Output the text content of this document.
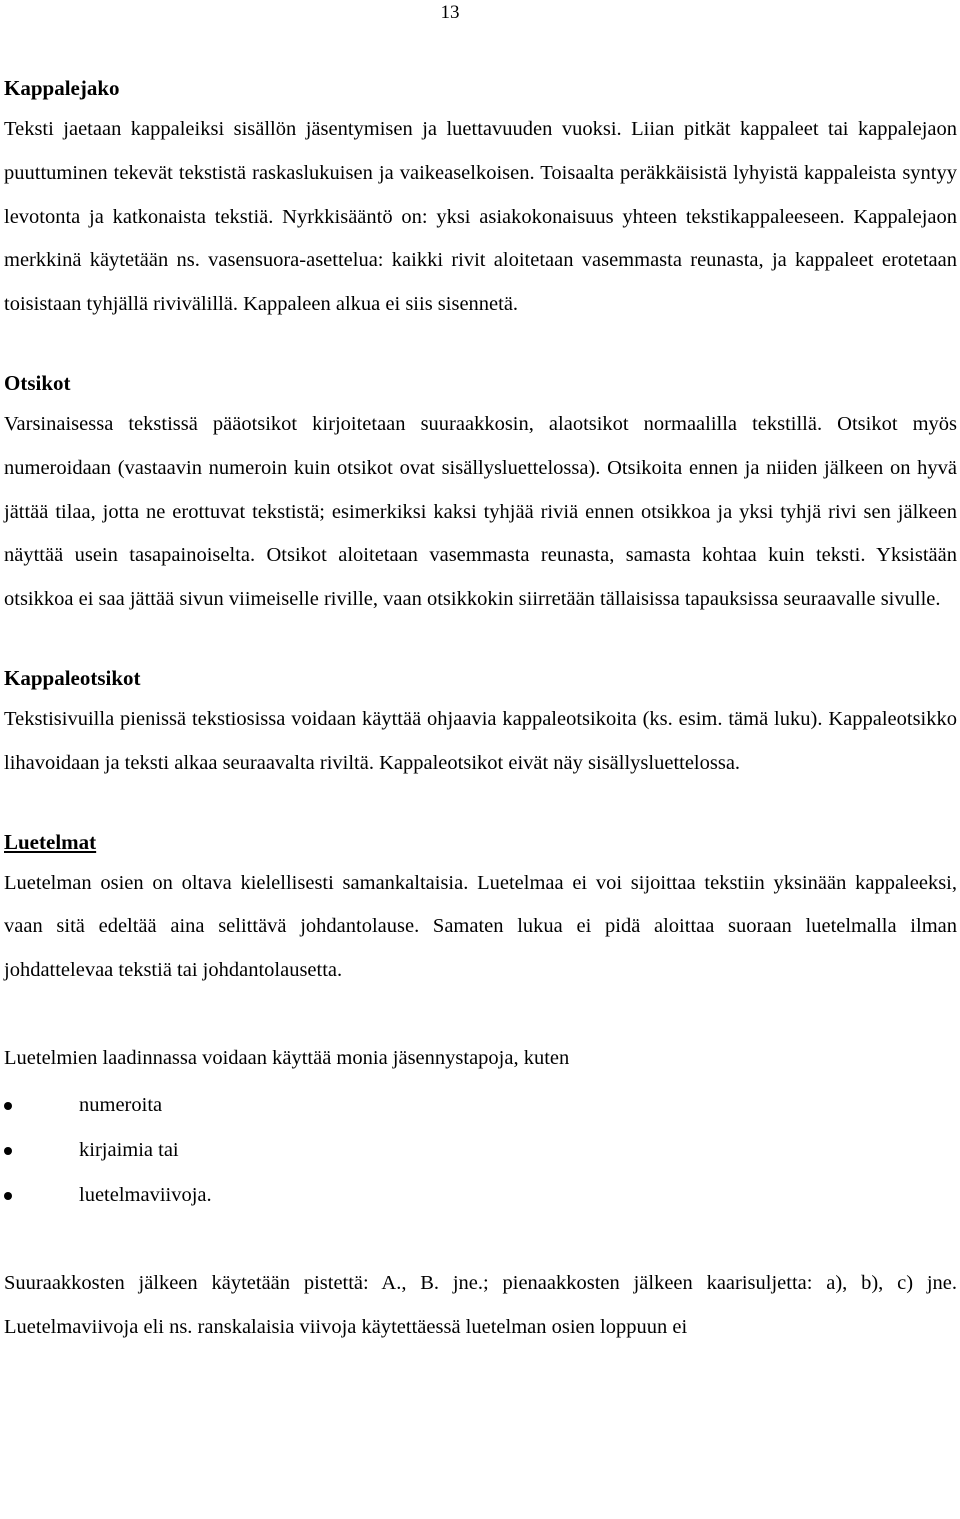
13
Kappalejako

Teksti jaetaan kappaleiksi sisällön jäsentymisen ja luettavuuden vuoksi. Liian pitkät kappaleet tai kappalejaon puuttuminen tekevät tekstistä raskaslukuisen ja vaikeaselkoisen. Toisaalta peräkkäisistä lyhyistä kappaleista syntyy levotonta ja katkonaista tekstiä. Nyrkkisääntö on: yksi asiakokonaisuus yhteen tekstikappaleeseen. Kappalejaon merkkinä käytetään ns. vasensuora-asettelua: kaikki rivit aloitetaan vasemmasta reunasta, ja kappaleet erotetaan toisistaan tyhjällä rivivälillä. Kappaleen alkua ei siis sisennetä.

Otsikot

Varsinaisessa tekstissä pääotsikot kirjoitetaan suuraakkosin, alaotsikot normaalilla tekstillä. Otsikot myös numeroidaan (vastaavin numeroin kuin otsikot ovat sisällysluettelossa). Otsikoita ennen ja niiden jälkeen on hyvä jättää tilaa, jotta ne erottuvat tekstistä; esimerkiksi kaksi tyhjää riviä ennen otsikkoa ja yksi tyhjä rivi sen jälkeen näyttää usein tasapainoiselta. Otsikot aloitetaan vasemmasta reunasta, samasta kohtaa kuin teksti. Yksistään otsikkoa ei saa jättää sivun viimeiselle riville, vaan otsikkokin siirretään tällaisissa tapauksissa seuraavalle sivulle.

Kappaleotsikot

Tekstisivuilla pienissä tekstiosissa voidaan käyttää ohjaavia kappaleotsikoita (ks. esim. tämä luku). Kappaleotsikko lihavoidaan ja teksti alkaa seuraavalta riviltä. Kappaleotsikot eivät näy sisällysluettelossa.

Luetelmat

Luetelman osien on oltava kielellisesti samankaltaisia. Luetelmaa ei voi sijoittaa tekstiin yksinään kappaleeksi, vaan sitä edeltää aina selittävä johdantolause. Samaten lukua ei pidä aloittaa suoraan luetelmalla ilman johdattelevaa tekstiä tai johdantolausetta.

Luetelmien laadinnassa voidaan käyttää monia jäsennystapoja, kuten

numeroita
kirjaimia tai
luetelmaviivoja.

Suuraakkosten jälkeen käytetään pistettä: A., B. jne.; pienaakkosten jälkeen kaarisuljetta: a), b), c) jne. Luetelmaviivoja eli ns. ranskalaisia viivoja käytettäessä luetelman osien loppuun ei
